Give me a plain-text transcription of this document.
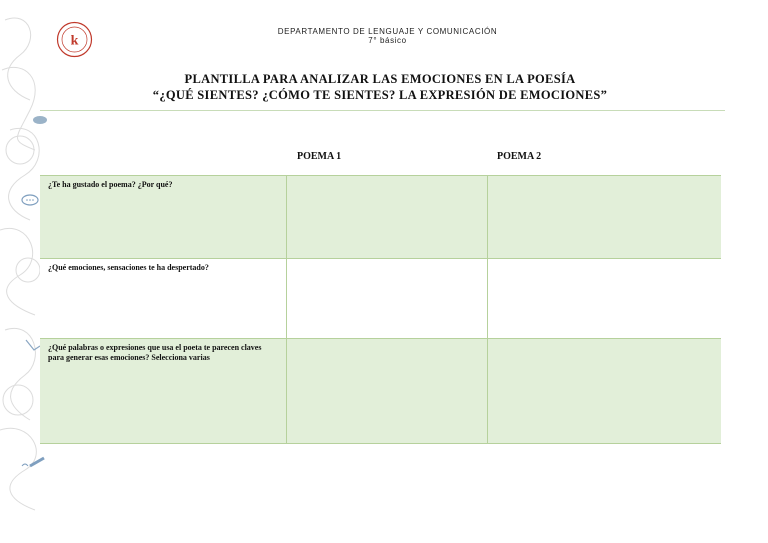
k
DEPARTAMENTO DE LENGUAJE Y COMUNICACIÓN
7° básico
PLANTILLA PARA ANALIZAR LAS EMOCIONES EN LA POESÍA
“¿QUÉ SIENTES? ¿CÓMO TE SIENTES? LA EXPRESIÓN DE EMOCIONES”
POEMA 1	POEMA 2
¿Te ha gustado el poema? ¿Por qué?
¿Qué emociones, sensaciones te ha despertado?
¿Qué palabras o expresiones que usa el poeta te parecen claves para generar esas emociones? Selecciona varias
